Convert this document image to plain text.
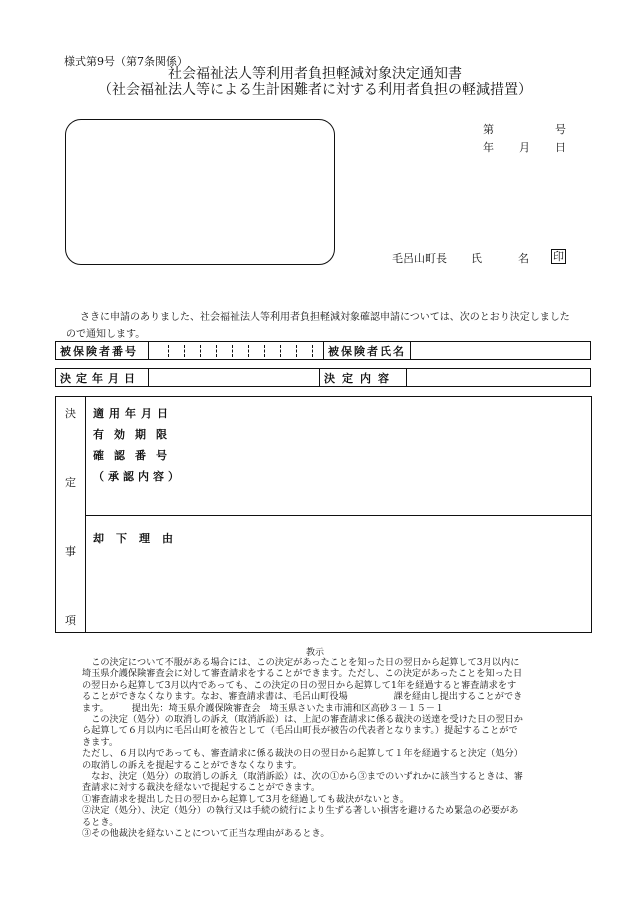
様式第9号（第7条関係）
社会福祉法人等利用者負担軽減対象決定通知書
（社会福祉法人等による生計困難者に対する利用者負担の軽減措置）
第	号
年 月 日
毛呂山町長 氏	名 印
さきに申請のありました、社会福祉法人等利用者負担軽減対象確認申請については、次のとおり決定しました
ので通知します。
被保険者番号		被保険者氏名	
決定年月日		決定内容	
決
定
事
項
適用年月日
有効期限
確認番号
（承認内容）
却下理由
教示

この決定について不服がある場合には、この決定があったことを知った日の翌日から起算して3月以内に

埼玉県介護保険審査会に対して審査請求をすることができます。ただし、この決定があったことを知った日

の翌日から起算して3月以内であっても、この決定の日の翌日から起算して1年を経過すると審査請求をす

ることができなくなります。なお、審査請求書は、毛呂山町役場　　　　　課を経由し提出することができ

ます。　　　提出先：埼玉県介護保険審査会　埼玉県さいたま市浦和区高砂３－１５－１

この決定（処分）の取消しの訴え（取消訴訟）は、上記の審査請求に係る裁決の送達を受けた日の翌日か

ら起算して６月以内に毛呂山町を被告として（毛呂山町長が被告の代表者となります。）提起することがで

きます。

ただし、６月以内であっても、審査請求に係る裁決の日の翌日から起算して１年を経過すると決定（処分）

の取消しの訴えを提起することができなくなります。

なお、決定（処分）の取消しの訴え（取消訴訟）は、次の①から③までのいずれかに該当するときは、審

査請求に対する裁決を経ないで提起することができます。

①審査請求を提出した日の翌日から起算して3月を経過しても裁決がないとき。

②決定（処分）、決定（処分）の執行又は手続の続行により生ずる著しい損害を避けるため緊急の必要があ

るとき。

③その他裁決を経ないことについて正当な理由があるとき。
